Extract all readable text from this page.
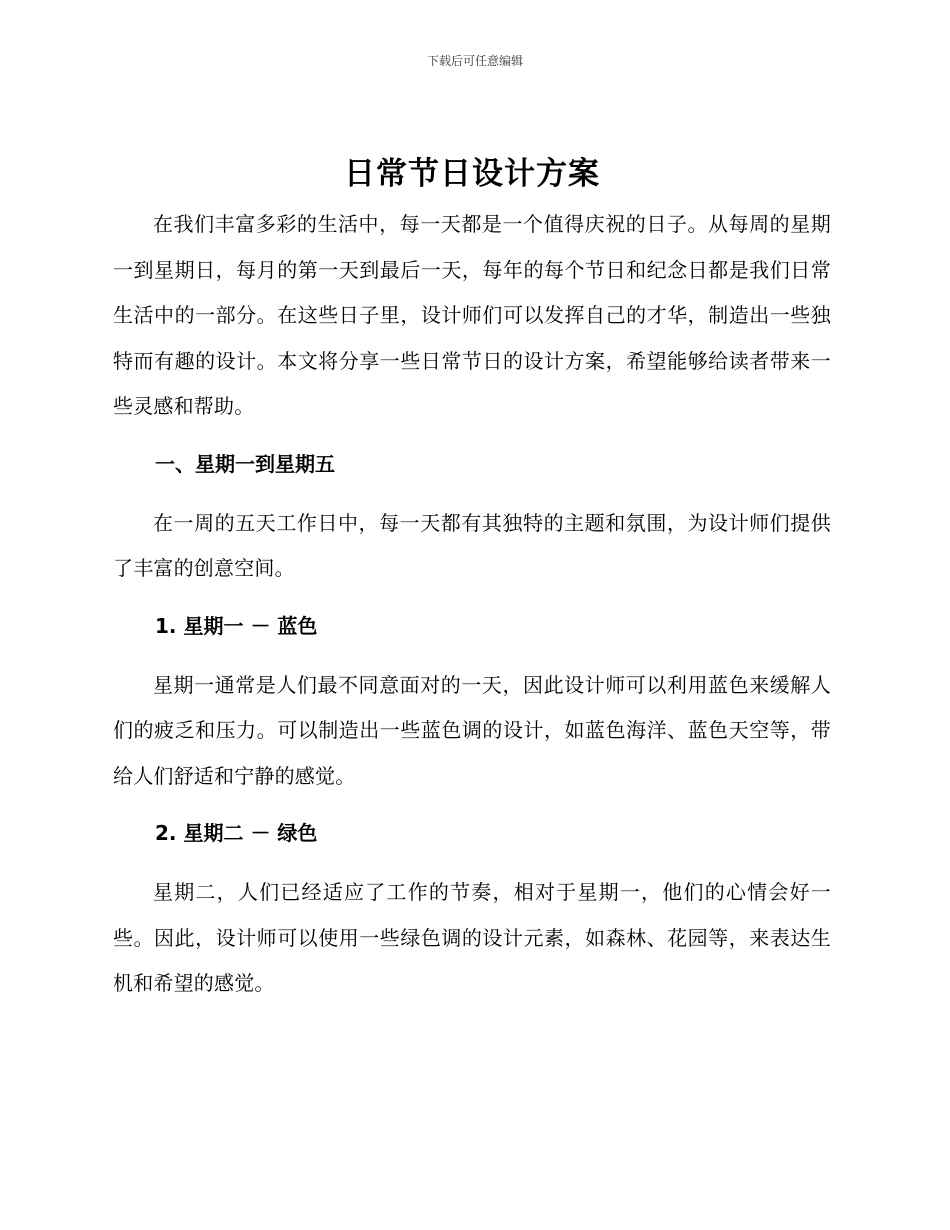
下载后可任意编辑
日常节日设计方案

在我们丰富多彩的生活中，每一天都是一个值得庆祝的日子。从每周的星期一到星期日，每月的第一天到最后一天，每年的每个节日和纪念日都是我们日常生活中的一部分。在这些日子里，设计师们可以发挥自己的才华，制造出一些独特而有趣的设计。本文将分享一些日常节日的设计方案，希望能够给读者带来一些灵感和帮助。

一、星期一到星期五

在一周的五天工作日中，每一天都有其独特的主题和氛围，为设计师们提供了丰富的创意空间。

1. 星期一 － 蓝色

星期一通常是人们最不同意面对的一天，因此设计师可以利用蓝色来缓解人们的疲乏和压力。可以制造出一些蓝色调的设计，如蓝色海洋、蓝色天空等，带给人们舒适和宁静的感觉。

2. 星期二 － 绿色

星期二，人们已经适应了工作的节奏，相对于星期一，他们的心情会好一些。因此，设计师可以使用一些绿色调的设计元素，如森林、花园等，来表达生机和希望的感觉。
